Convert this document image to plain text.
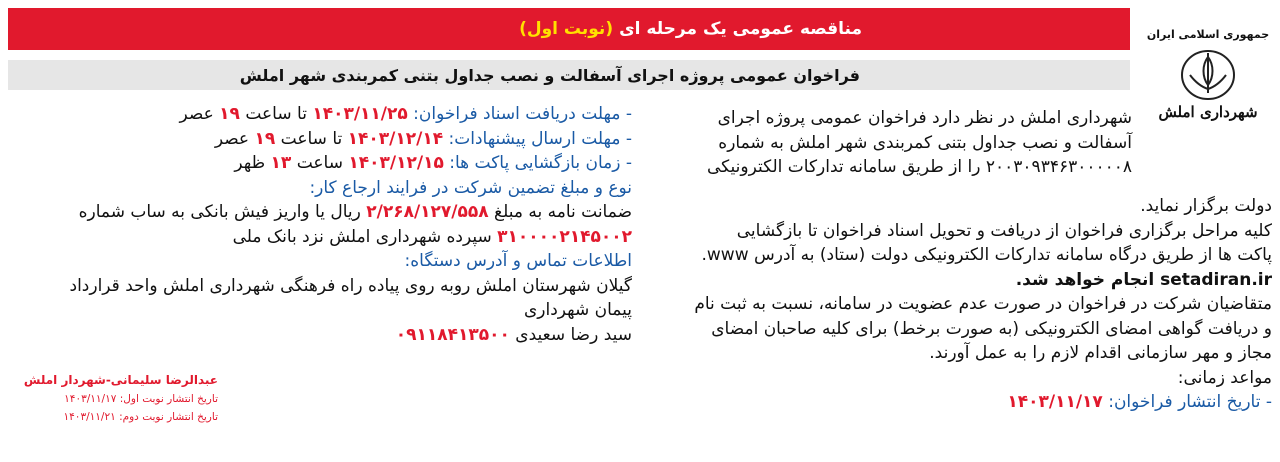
مناقصه عمومی یک مرحله ای
(نوبت اول)
فراخوان عمومی پروژه اجرای آسفالت و نصب جداول بتنی کمربندی شهر املش
جمهوری اسلامی ایران
شهرداری املش
شهرداری املش در نظر دارد فراخوان عمومی پروژه اجرای
آسفالت و نصب جداول بتنی کمربندی شهر املش به شماره
۲۰۰۳۰۹۳۴۶۳۰۰۰۰۰۸ را از طریق سامانه تدارکات الکترونیکی
دولت برگزار نماید.
کلیه مراحل برگزاری فراخوان از دریافت و تحویل اسناد فراخوان تا بازگشایی
پاکت ها از طریق درگاه سامانه تدارکات الکترونیکی دولت (ستاد) به آدرس www.
setadiran.ir انجام خواهد شد.
متقاضیان شرکت در فراخوان در صورت عدم عضویت در سامانه، نسبت به ثبت نام
و دریافت گواهی امضای الکترونیکی (به صورت برخط) برای کلیه صاحبان امضای
مجاز و مهر سازمانی اقدام لازم را به عمل آورند.
مواعد زمانی:
- تاریخ انتشار فراخوان: ۱۴۰۳/۱۱/۱۷
- مهلت دریافت اسناد فراخوان: ۱۴۰۳/۱۱/۲۵ تا ساعت ۱۹ عصر
- مهلت ارسال پیشنهادات: ۱۴۰۳/۱۲/۱۴ تا ساعت ۱۹ عصر
- زمان بازگشایی پاکت ها: ۱۴۰۳/۱۲/۱۵ ساعت ۱۳ ظهر
نوع و مبلغ تضمین شرکت در فرایند ارجاع کار:
ضمانت نامه به مبلغ ۲/۲۶۸/۱۲۷/۵۵۸ ریال یا واریز فیش بانکی به ساب شماره
۳۱۰۰۰۰۲۱۴۵۰۰۲ سپرده شهرداری املش نزد بانک ملی
اطلاعات تماس و آدرس دستگاه:
گیلان شهرستان املش روبه روی پیاده راه فرهنگی شهرداری املش واحد قرارداد
پیمان شهرداری
سید رضا سعیدی ۰۹۱۱۸۴۱۳۵۰۰
عبدالرضا سلیمانی-شهردار املش
تاریخ انتشار نوبت اول: ۱۴۰۳/۱۱/۱۷
تاریخ انتشار نوبت دوم: ۱۴۰۳/۱۱/۲۱
